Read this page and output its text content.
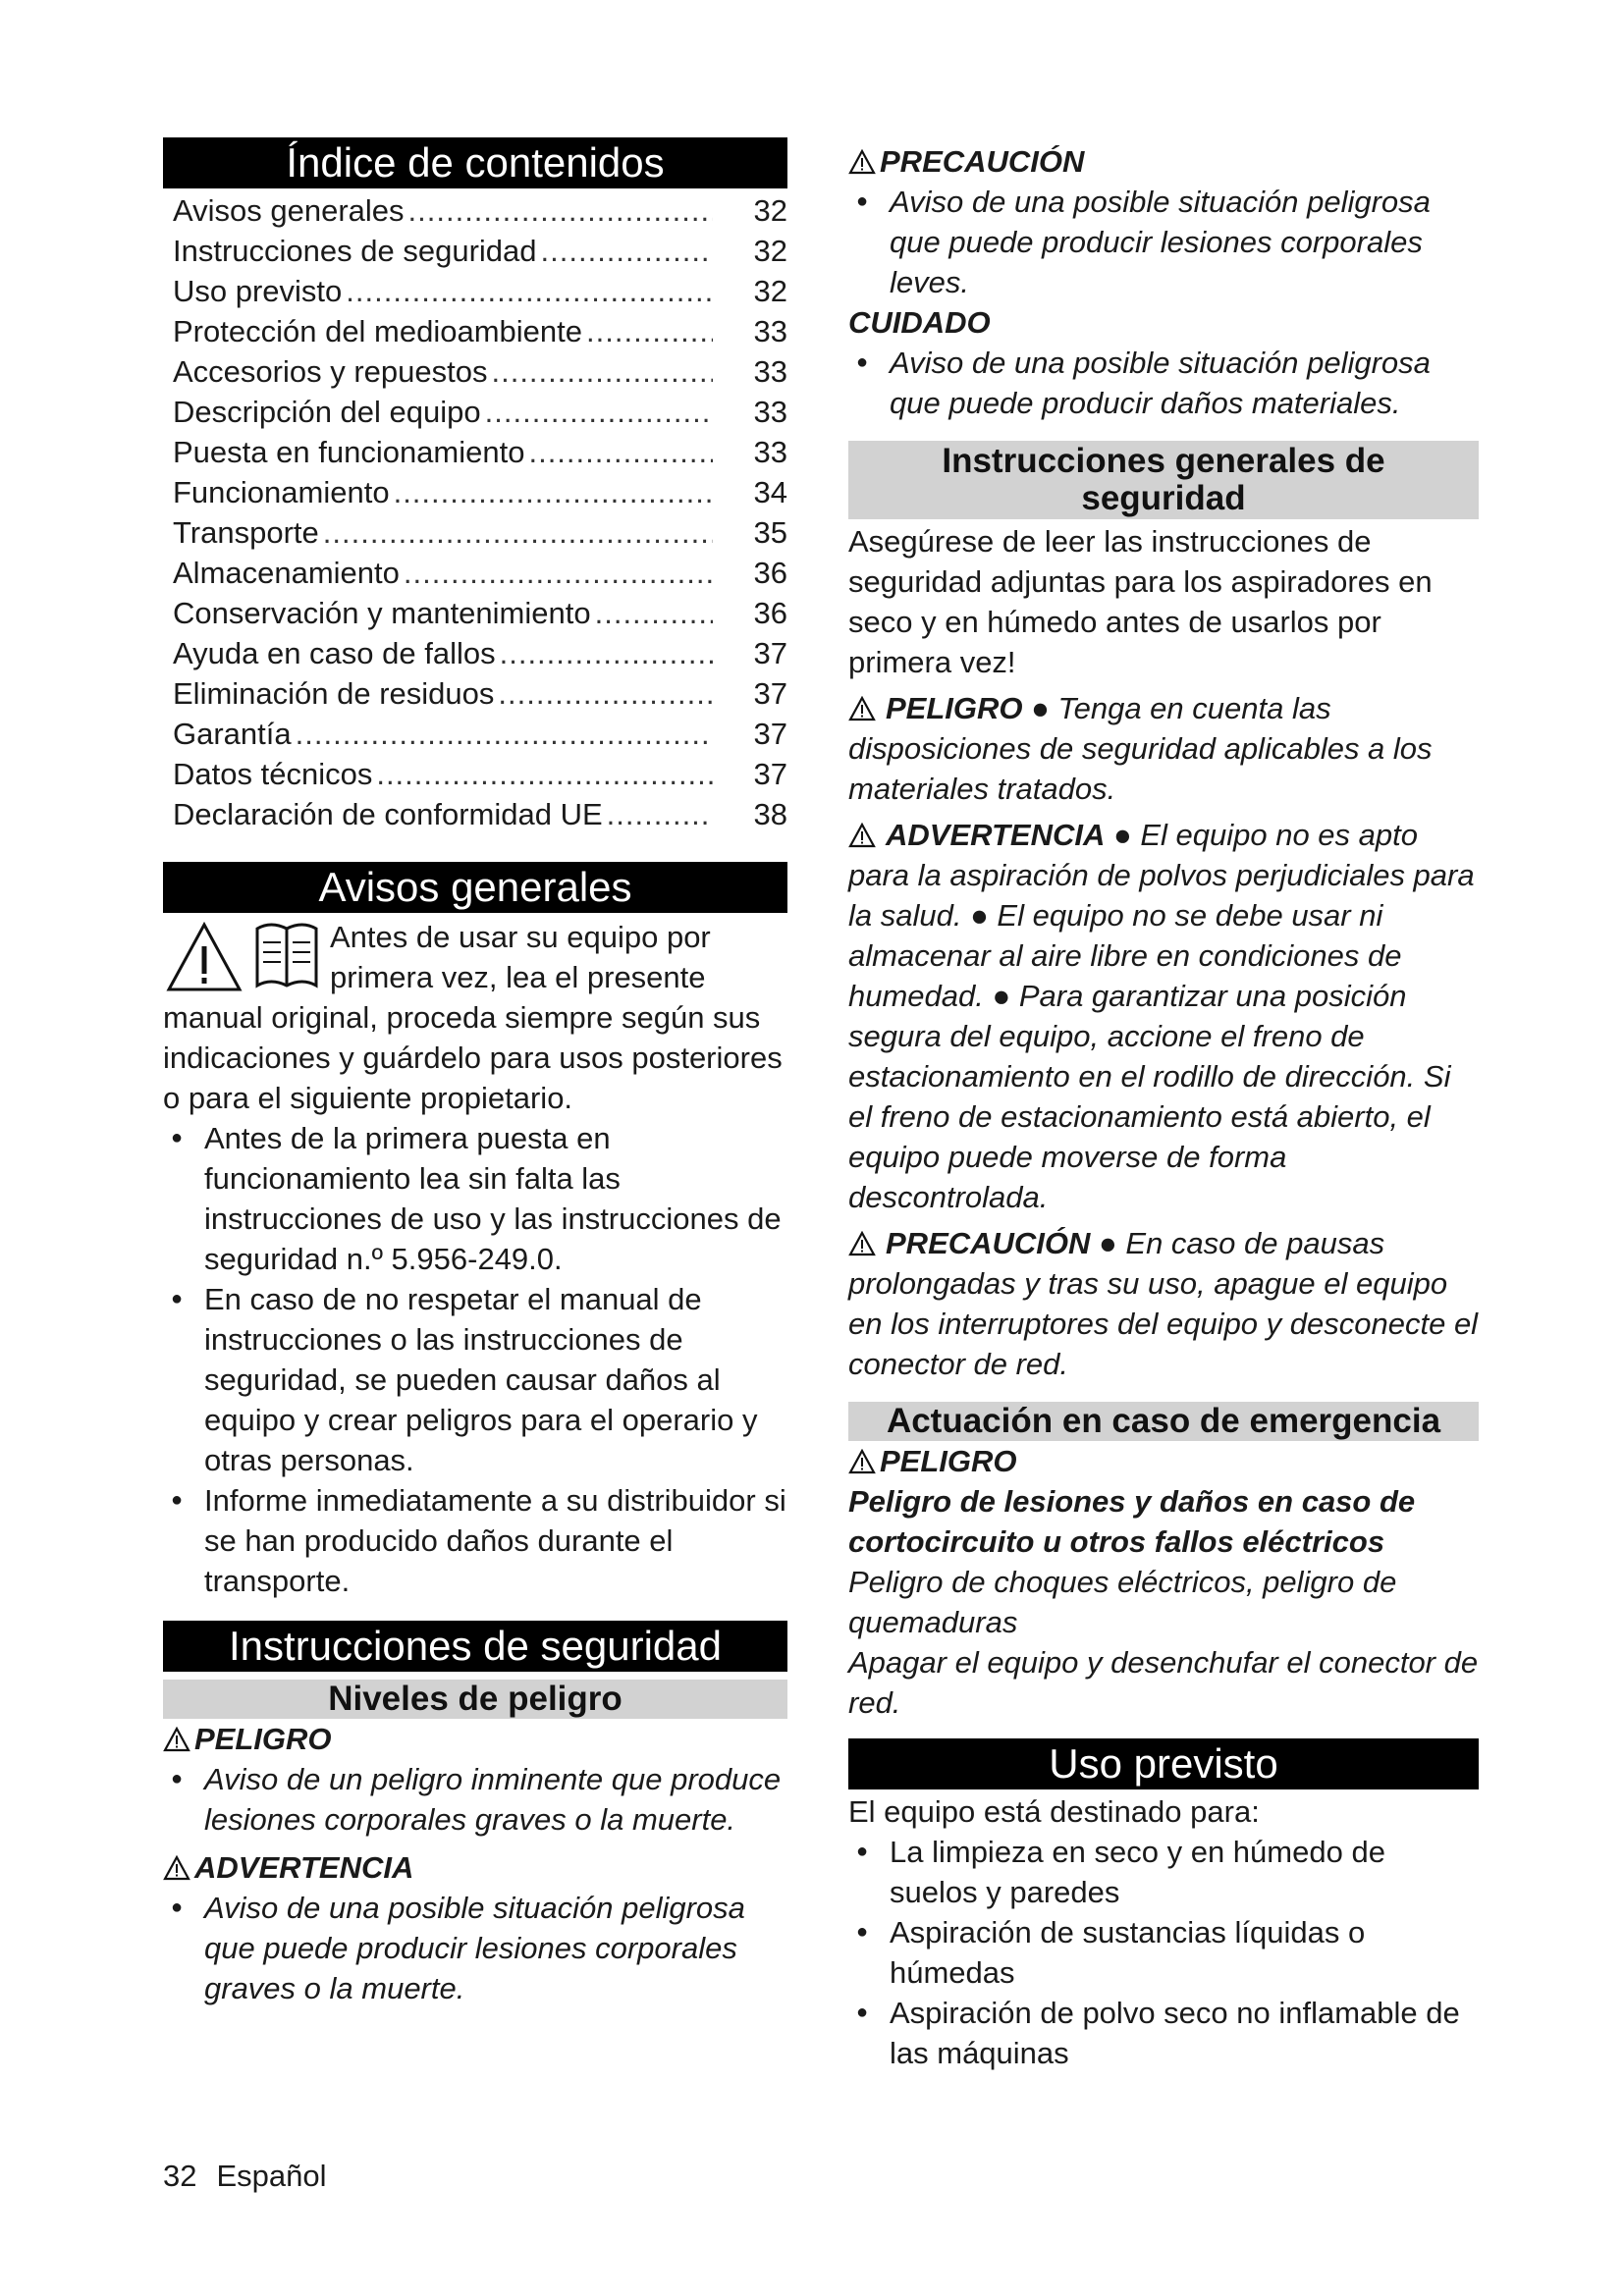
Índice de contenidos
Avisos generales .....	32
Instrucciones de seguridad .....	32
Uso previsto .....	32
Protección del medioambiente .....	33
Accesorios y repuestos .....	33
Descripción del equipo .....	33
Puesta en funcionamiento .....	33
Funcionamiento .....	34
Transporte .....	35
Almacenamiento .....	36
Conservación y mantenimiento .....	36
Ayuda en caso de fallos .....	37
Eliminación de residuos .....	37
Garantía .....	37
Datos técnicos .....	37
Declaración de conformidad UE .....	38
Avisos generales

Antes de usar su equipo por primera vez, lea el presente manual original, proceda siempre según sus indicaciones y guárdelo para usos posteriores o para el siguiente propietario.

● Antes de la primera puesta en funcionamiento lea sin falta las instrucciones de uso y las instrucciones de seguridad n.º 5.956-249.0.
● En caso de no respetar el manual de instrucciones o las instrucciones de seguridad, se pueden causar daños al equipo y crear peligros para el operario y otras personas.
● Informe inmediatamente a su distribuidor si se han producido daños durante el transporte.
Instrucciones de seguridad
Niveles de peligro

PELIGRO

● Aviso de un peligro inminente que produce lesiones corporales graves o la muerte.

ADVERTENCIA

● Aviso de una posible situación peligrosa que puede producir lesiones corporales graves o la muerte.

PRECAUCIÓN

● Aviso de una posible situación peligrosa que puede producir lesiones corporales leves.

CUIDADO

● Aviso de una posible situación peligrosa que puede producir daños materiales.
Instrucciones generales de
seguridad

Asegúrese de leer las instrucciones de seguridad adjuntas para los aspiradores en seco y en húmedo antes de usarlos por primera vez!

PELIGRO ● Tenga en cuenta las disposiciones de seguridad aplicables a los materiales tratados.

ADVERTENCIA ● El equipo no es apto para la aspiración de polvos perjudiciales para la salud. ● El equipo no se debe usar ni almacenar al aire libre en condiciones de humedad. ● Para garantizar una posición segura del equipo, accione el freno de estacionamiento en el rodillo de dirección. Si el freno de estacionamiento está abierto, el equipo puede moverse de forma descontrolada.

PRECAUCIÓN ● En caso de pausas prolongadas y tras su uso, apague el equipo en los interruptores del equipo y desconecte el conector de red.

Actuación en caso de emergencia

PELIGRO

Peligro de lesiones y daños en caso de cortocircuito u otros fallos eléctricos

Peligro de choques eléctricos, peligro de quemaduras

Apagar el equipo y desenchufar el conector de red.

Uso previsto

El equipo está destinado para:

● La limpieza en seco y en húmedo de suelos y paredes
● Aspiración de sustancias líquidas o húmedas
● Aspiración de polvo seco no inflamable de las máquinas
32 Español
